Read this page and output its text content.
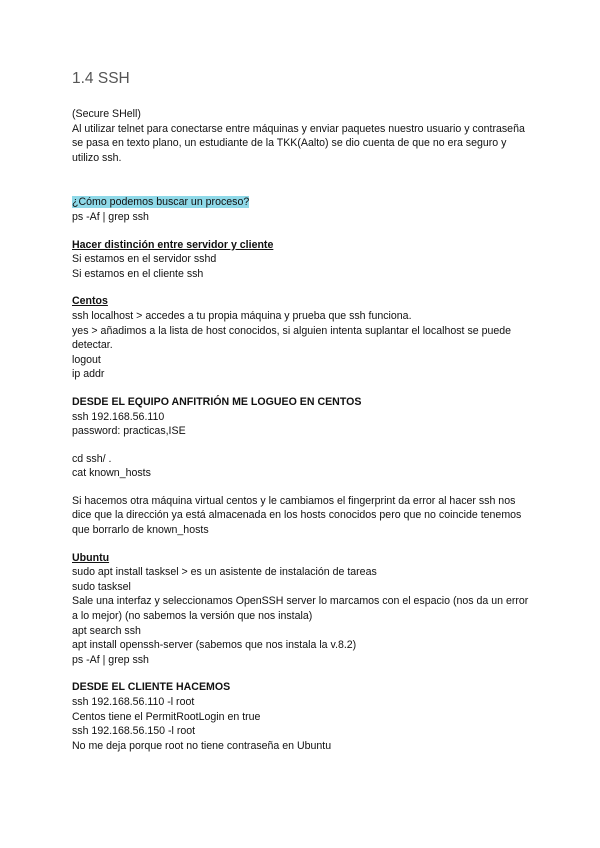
1.4 SSH
(Secure SHell)
Al utilizar telnet para conectarse entre máquinas y enviar paquetes nuestro usuario y contraseña se pasa en texto plano, un estudiante de la TKK(Aalto) se dio cuenta de que no era seguro y utilizo ssh.
¿Cómo podemos buscar un proceso?
ps -Af | grep ssh
Hacer distinción entre servidor y cliente
Si estamos en el servidor sshd
Si estamos en el cliente ssh
Centos
ssh localhost > accedes a tu propia máquina y prueba que ssh funciona.
yes > añadimos a la lista de host conocidos, si alguien intenta suplantar el localhost se puede detectar.
logout
ip addr
DESDE EL EQUIPO ANFITRIÓN ME LOGUEO EN CENTOS
ssh 192.168.56.110
password: practicas,ISE
cd ssh/ .
cat known_hosts
Si hacemos otra máquina virtual centos y le cambiamos el fingerprint da error al hacer ssh nos dice que la dirección ya está almacenada en los hosts conocidos pero que no coincide tenemos que borrarlo de known_hosts
Ubuntu
sudo apt install tasksel > es un asistente de instalación de tareas
sudo tasksel
Sale una interfaz y seleccionamos OpenSSH server lo marcamos con el espacio (nos da un error a lo mejor) (no sabemos la versión que nos instala)
apt search ssh
apt install openssh-server (sabemos que nos instala la v.8.2)
ps -Af | grep ssh
DESDE EL CLIENTE HACEMOS
ssh 192.168.56.110 -l root
Centos tiene el PermitRootLogin en true
ssh 192.168.56.150 -l root
No me deja porque root no tiene contraseña en Ubuntu
